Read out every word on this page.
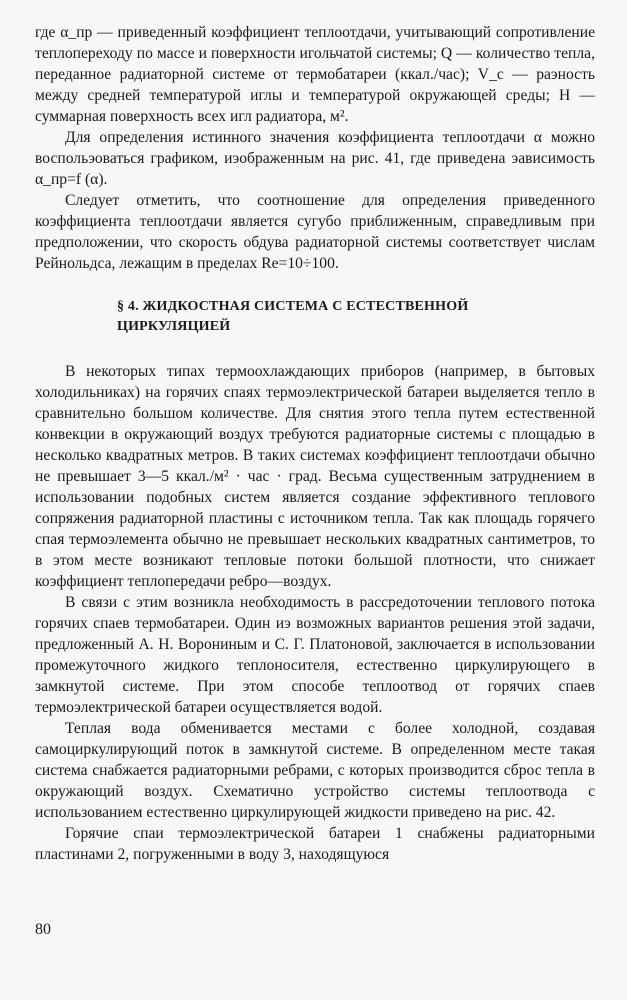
где α_пр — приведенный коэффициент теплоотдачи, учитывающий сопротивление теплопереходу по массе и поверхности игольчатой системы; Q — количество тепла, переданное радиаторной системе от термобатареи (ккал./час); V_c — раэность между средней температурой иглы и температурой окружающей среды; H — суммарная поверхность всех игл радиатора, м².

Для определения истинного значения коэффициента теплоотдачи α можно воспольэоваться графиком, иэображенным на рис. 41, где приведена эависимость α_пр=f (α).

Следует отметить, что соотношение для определения приведенного коэффициента теплоотдачи является сугубо приближенным, справедливым при предположении, что скорость обдува радиаторной системы соответствует числам Рейнольдса, лежащим в пределах Re=10÷100.

§ 4. ЖИДКОСТНАЯ СИСТЕМА С ЕСТЕСТВЕННОЙ ЦИРКУЛЯЦИЕЙ

В некоторых типах термоохлаждающих приборов (например, в бытовых холодильниках) на горячих спаях термоэлектрической батареи выделяется тепло в сравнительно большом количестве. Для снятия этого тепла путем естественной конвекции в окружающий воздух требуются радиаторные системы с площадью в несколько квадратных метров. В таких системах коэффициент теплоотдачи обычно не превышает 3—5 ккал./м² · час · град. Весьма существенным затруднением в использовании подобных систем является создание эффективного теплового сопряжения радиаторной пластины с источником тепла. Так как площадь горячего спая термоэлемента обычно не превышает нескольких квадратных сантиметров, то в этом месте возникают тепловые потоки большой плотности, что снижает коэффициент теплопередачи ребро—воздух.

В связи с этим возникла необходимость в рассредоточении теплового потока горячих спаев термобатареи. Один иэ возможных вариантов решения этой задачи, предложенный А. Н. Ворониным и С. Г. Платоновой, заключается в использовании промежуточного жидкого теплоносителя, естественно циркулирующего в замкнутой системе. При этом способе теплоотвод от горячих спаев термоэлектрической батареи осуществляется водой.

Теплая вода обменивается местами с более холодной, создавая самоциркулирующий поток в замкнутой системе. В определенном месте такая система снабжается радиаторными ребрами, с которых производится сброс тепла в окружающий воздух. Схематично устройство системы теплоотвода с использованием естественно циркулирующей жидкости приведено на рис. 42.

Горячие спаи термоэлектрической батареи 1 снабжены радиаторными пластинами 2, погруженными в воду 3, находящуюся

80
